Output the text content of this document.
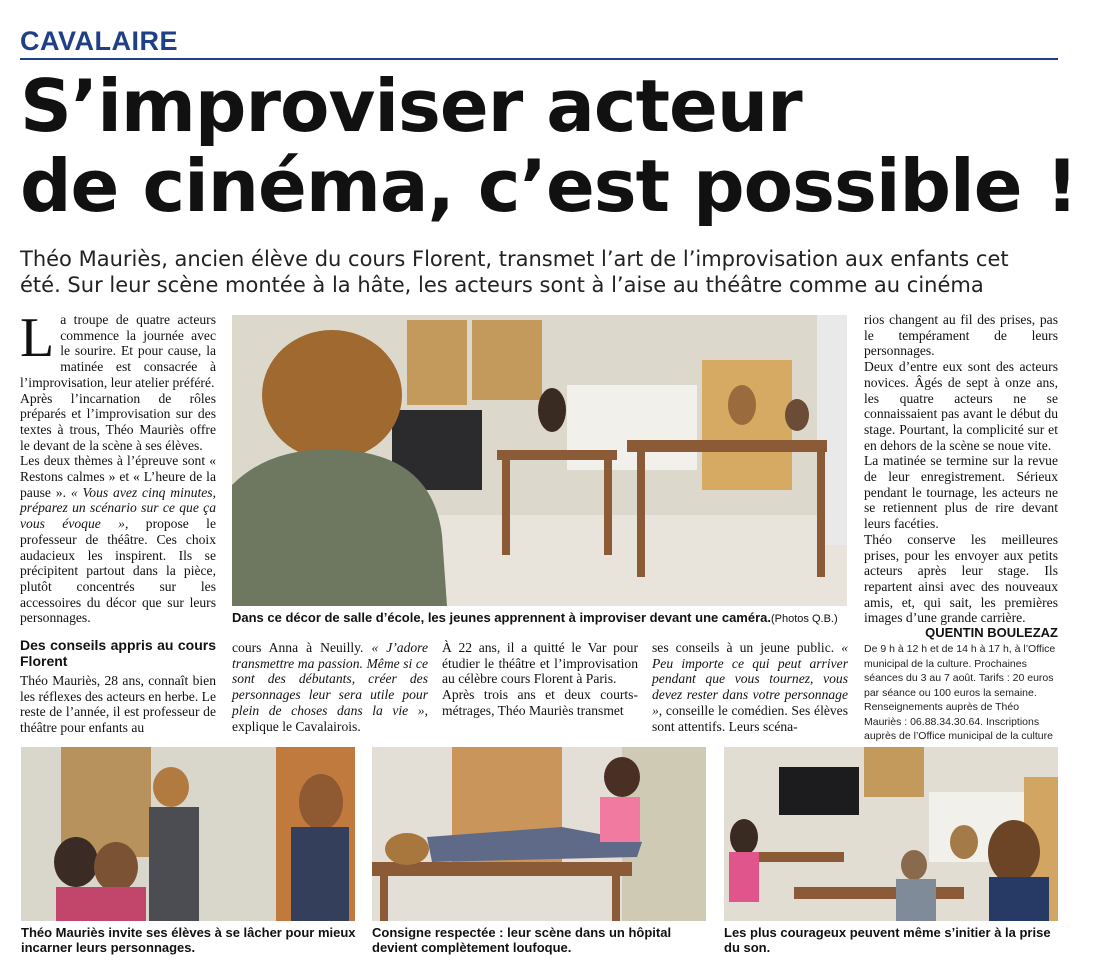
CAVALAIRE
S’improviser acteur
de cinéma, c’est possible !
Théo Mauriès, ancien élève du cours Florent, transmet l’art de l’improvisation aux enfants cet
été. Sur leur scène montée à la hâte, les acteurs sont à l’aise au théâtre comme au cinéma

La troupe de quatre acteurs commence la journée avec le sourire. Et pour cause, la matinée est consacrée à l’improvisation, leur atelier préféré.

Après l’incarnation de rôles préparés et l’improvisation sur des textes à trous, Théo Mauriès offre le devant de la scène à ses élèves.

Les deux thèmes à l’épreuve sont « Restons calmes » et « L’heure de la pause ». « Vous avez cinq minutes, préparez un scénario sur ce que ça vous évoque », propose le professeur de théâtre. Ces choix audacieux les inspirent. Ils se précipitent partout dans la pièce, plutôt concentrés sur les accessoires du décor que sur leurs personnages.

Des conseils appris au cours Florent

Théo Mauriès, 28 ans, connaît bien les réflexes des acteurs en herbe. Le reste de l’année, il est professeur de théâtre pour enfants au

cours Anna à Neuilly. « J’adore transmettre ma passion. Même si ce sont des débutants, créer des personnages leur sera utile pour plein de choses dans la vie », explique le Cavalairois.

À 22 ans, il a quitté le Var pour étudier le théâtre et l’improvisation au célèbre cours Florent à Paris.

Après trois ans et deux courts-métrages, Théo Mauriès transmet

ses conseils à un jeune public. « Peu importe ce qui peut arriver pendant que vous tournez, vous devez rester dans votre personnage », conseille le comédien. Ses élèves sont attentifs. Leurs scéna-

rios changent au fil des prises, pas le tempérament de leurs personnages.

Deux d’entre eux sont des acteurs novices. Âgés de sept à onze ans, les quatre acteurs ne se connaissaient pas avant le début du stage. Pourtant, la complicité sur et en dehors de la scène se noue vite.

La matinée se termine sur la revue de leur enregistrement. Sérieux pendant le tournage, les acteurs ne se retiennent plus de rire devant leurs facéties.

Théo conserve les meilleures prises, pour les envoyer aux petits acteurs après leur stage. Ils repartent ainsi avec des nouveaux amis, et, qui sait, les premières images d’une grande carrière.

QUENTIN BOULEZAZ
De 9 h à 12 h et de 14 h à 17 h, à l’Office municipal de la culture. Prochaines séances du 3 au 7 août. Tarifs : 20 euros par séance ou 100 euros la semaine. Renseignements auprès de Théo Mauriès : 06.88.34.30.64. Inscriptions auprès de l’Office municipal de la culture
Dans ce décor de salle d’école, les jeunes apprennent à improviser devant une caméra.(Photos Q.B.)
Théo Mauriès invite ses élèves à se lâcher pour mieux incarner leurs personnages.
Consigne respectée : leur scène dans un hôpital devient complètement loufoque.
Les plus courageux peuvent même s’initier à la prise du son.
